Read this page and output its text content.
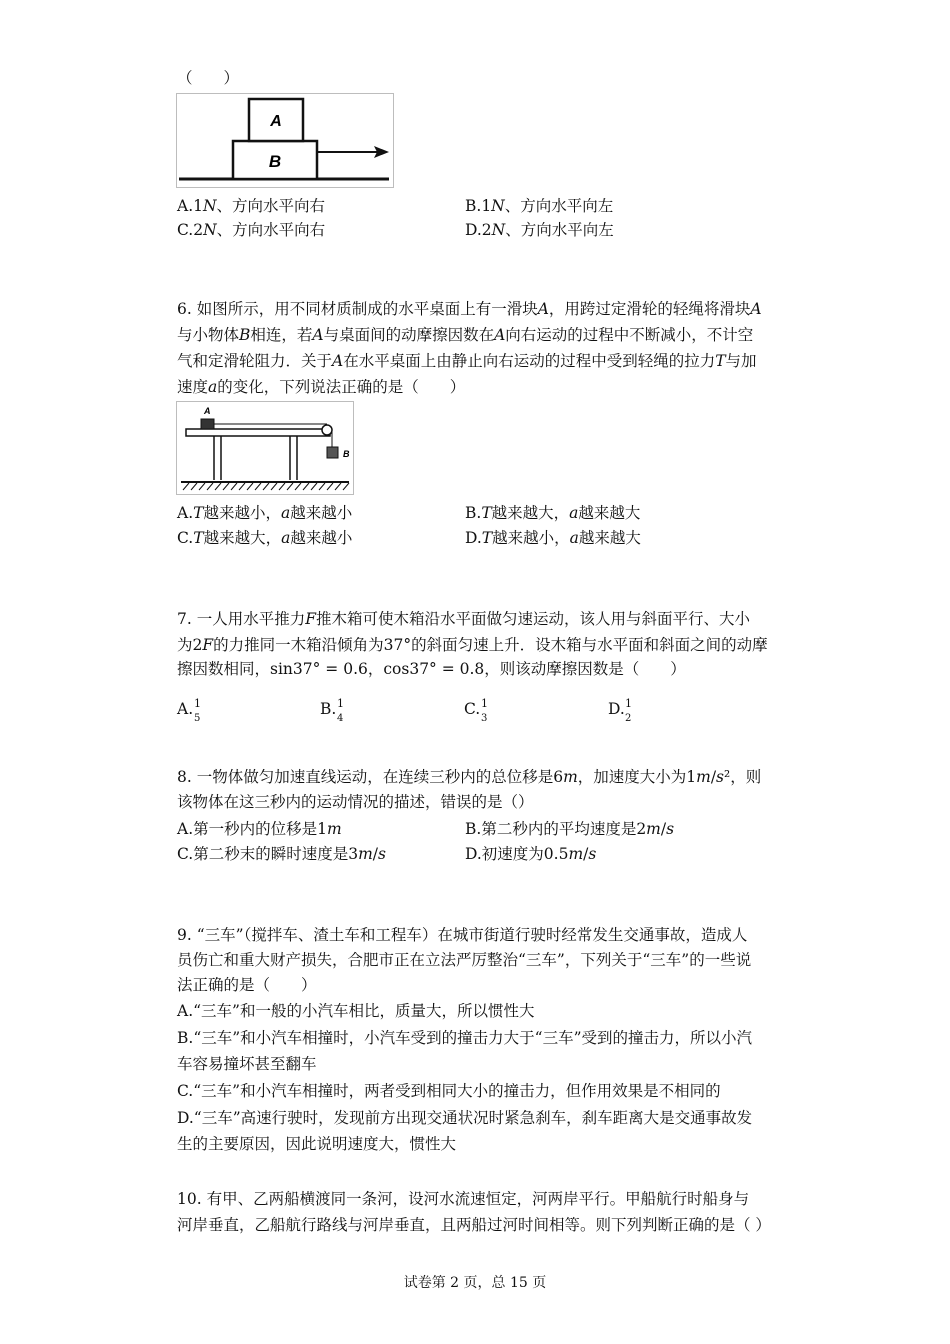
（　　）
A
B
A.1𝑁、方向水平向右	B.1𝑁、方向水平向左
C.2𝑁、方向水平向右	D.2𝑁、方向水平向左
6. 如图所示，用不同材质制成的水平桌面上有一滑块𝐴，用跨过定滑轮的轻绳将滑块𝐴
与小物体𝐵相连，若𝐴与桌面间的动摩擦因数在𝐴向右运动的过程中不断减小，不计空
气和定滑轮阻力．关于𝐴在水平桌面上由静止向右运动的过程中受到轻绳的拉力𝑇与加
速度𝑎的变化，下列说法正确的是（　　）
A
B
A.𝑇越来越小，𝑎越来越小	B.𝑇越来越大，𝑎越来越大
C.𝑇越来越大，𝑎越来越小	D.𝑇越来越小，𝑎越来越大
7. 一人用水平推力𝐹推木箱可使木箱沿水平面做匀速运动，该人用与斜面平行、大小
为2𝐹的力推同一木箱沿倾角为37°的斜面匀速上升．设木箱与水平面和斜面之间的动摩
擦因数相同，sin37° = 0.6，cos37° = 0.8，则该动摩擦因数是（　　）
A. 1
5
B. 1
4
C. 1
3
D. 1
2
8. 一物体做匀加速直线运动，在连续三秒内的总位移是6𝑚，加速度大小为1𝑚/𝑠²，则
该物体在这三秒内的运动情况的描述，错误的是（）
A.第一秒内的位移是1𝑚	B.第二秒内的平均速度是2𝑚/𝑠
C.第二秒末的瞬时速度是3𝑚/𝑠	D.初速度为0.5𝑚/𝑠
9. “三车”（搅拌车、渣土车和工程车）在城市街道行驶时经常发生交通事故，造成人
员伤亡和重大财产损失，合肥市正在立法严厉整治“三车”，下列关于“三车”的一些说
法正确的是（　　）
A.“三车”和一般的小汽车相比，质量大，所以惯性大
B.“三车”和小汽车相撞时，小汽车受到的撞击力大于“三车”受到的撞击力，所以小汽
车容易撞坏甚至翻车
C.“三车”和小汽车相撞时，两者受到相同大小的撞击力，但作用效果是不相同的
D.“三车”高速行驶时，发现前方出现交通状况时紧急刹车，刹车距离大是交通事故发
生的主要原因，因此说明速度大，惯性大
10. 有甲、乙两船横渡同一条河，设河水流速恒定，河两岸平行。甲船航行时船身与
河岸垂直，乙船航行路线与河岸垂直，且两船过河时间相等。则下列判断正确的是（ ）
试卷第 2 页，总 15 页
